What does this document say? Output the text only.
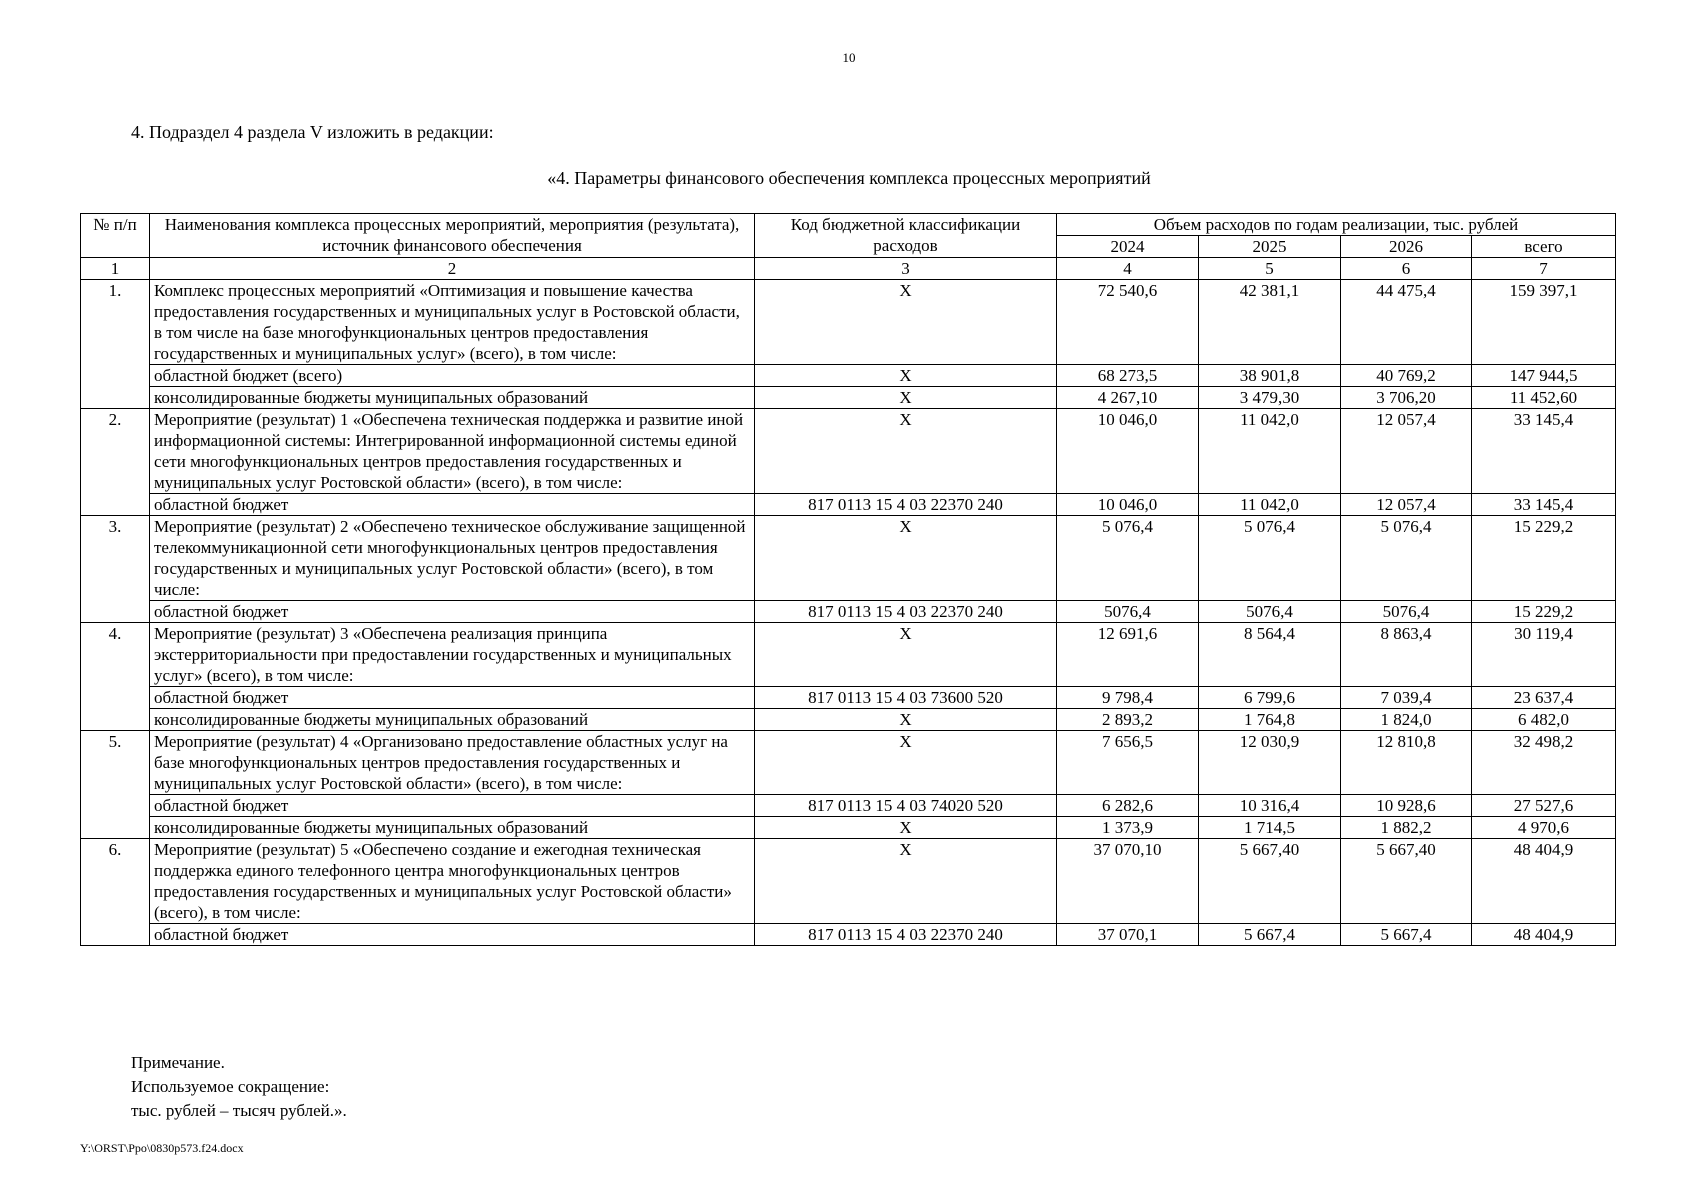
10
4. Подраздел 4 раздела V изложить в редакции:
«4. Параметры финансового обеспечения комплекса процессных мероприятий
№ п/п	Наименования комплекса процессных мероприятий, мероприятия (результата), источник финансового обеспечения	Код бюджетной классификации расходов	Объем расходов по годам реализации, тыс. рублей			
			2024	2025	2026	всего
1	2	3	4	5	6	7
1.	Комплекс процессных мероприятий «Оптимизация и повышение качества предоставления государственных и муниципальных услуг в Ростовской области, в том числе на базе многофункциональных центров предоставления государственных и муниципальных услуг» (всего), в том числе:	X	72 540,6	42 381,1	44 475,4	159 397,1
	областной бюджет (всего)	X	68 273,5	38 901,8	40 769,2	147 944,5
	консолидированные бюджеты муниципальных образований	X	4 267,10	3 479,30	3 706,20	11 452,60
2.	Мероприятие (результат) 1 «Обеспечена техническая поддержка и развитие иной информационной системы: Интегрированной информационной системы единой сети многофункциональных центров предоставления государственных и муниципальных услуг Ростовской области» (всего), в том числе:	X	10 046,0	11 042,0	12 057,4	33 145,4
	областной бюджет	817 0113 15 4 03 22370 240	10 046,0	11 042,0	12 057,4	33 145,4
3.	Мероприятие (результат) 2 «Обеспечено техническое обслуживание защищенной телекоммуникационной сети многофункциональных центров предоставления государственных и муниципальных услуг Ростовской области» (всего), в том числе:	X	5 076,4	5 076,4	5 076,4	15 229,2
	областной бюджет	817 0113 15 4 03 22370 240	5076,4	5076,4	5076,4	15 229,2
4.	Мероприятие (результат) 3 «Обеспечена реализация принципа экстерриториальности при предоставлении государственных и муниципальных услуг» (всего), в том числе:	X	12 691,6	8 564,4	8 863,4	30 119,4
	областной бюджет	817 0113 15 4 03 73600 520	9 798,4	6 799,6	7 039,4	23 637,4
	консолидированные бюджеты муниципальных образований	X	2 893,2	1 764,8	1 824,0	6 482,0
5.	Мероприятие (результат) 4 «Организовано предоставление областных услуг на базе многофункциональных центров предоставления государственных и муниципальных услуг Ростовской области» (всего), в том числе:	X	7 656,5	12 030,9	12 810,8	32 498,2
	областной бюджет	817 0113 15 4 03 74020 520	6 282,6	10 316,4	10 928,6	27 527,6
	консолидированные бюджеты муниципальных образований	X	1 373,9	1 714,5	1 882,2	4 970,6
6.	Мероприятие (результат) 5 «Обеспечено создание и ежегодная техническая поддержка единого телефонного центра многофункциональных центров предоставления государственных и муниципальных услуг Ростовской области» (всего), в том числе:	X	37 070,10	5 667,40	5 667,40	48 404,9
	областной бюджет	817 0113 15 4 03 22370 240	37 070,1	5 667,4	5 667,4	48 404,9
Примечание.
Используемое сокращение:
тыс. рублей – тысяч рублей.».
Y:\ORST\Ppo\0830p573.f24.docx
